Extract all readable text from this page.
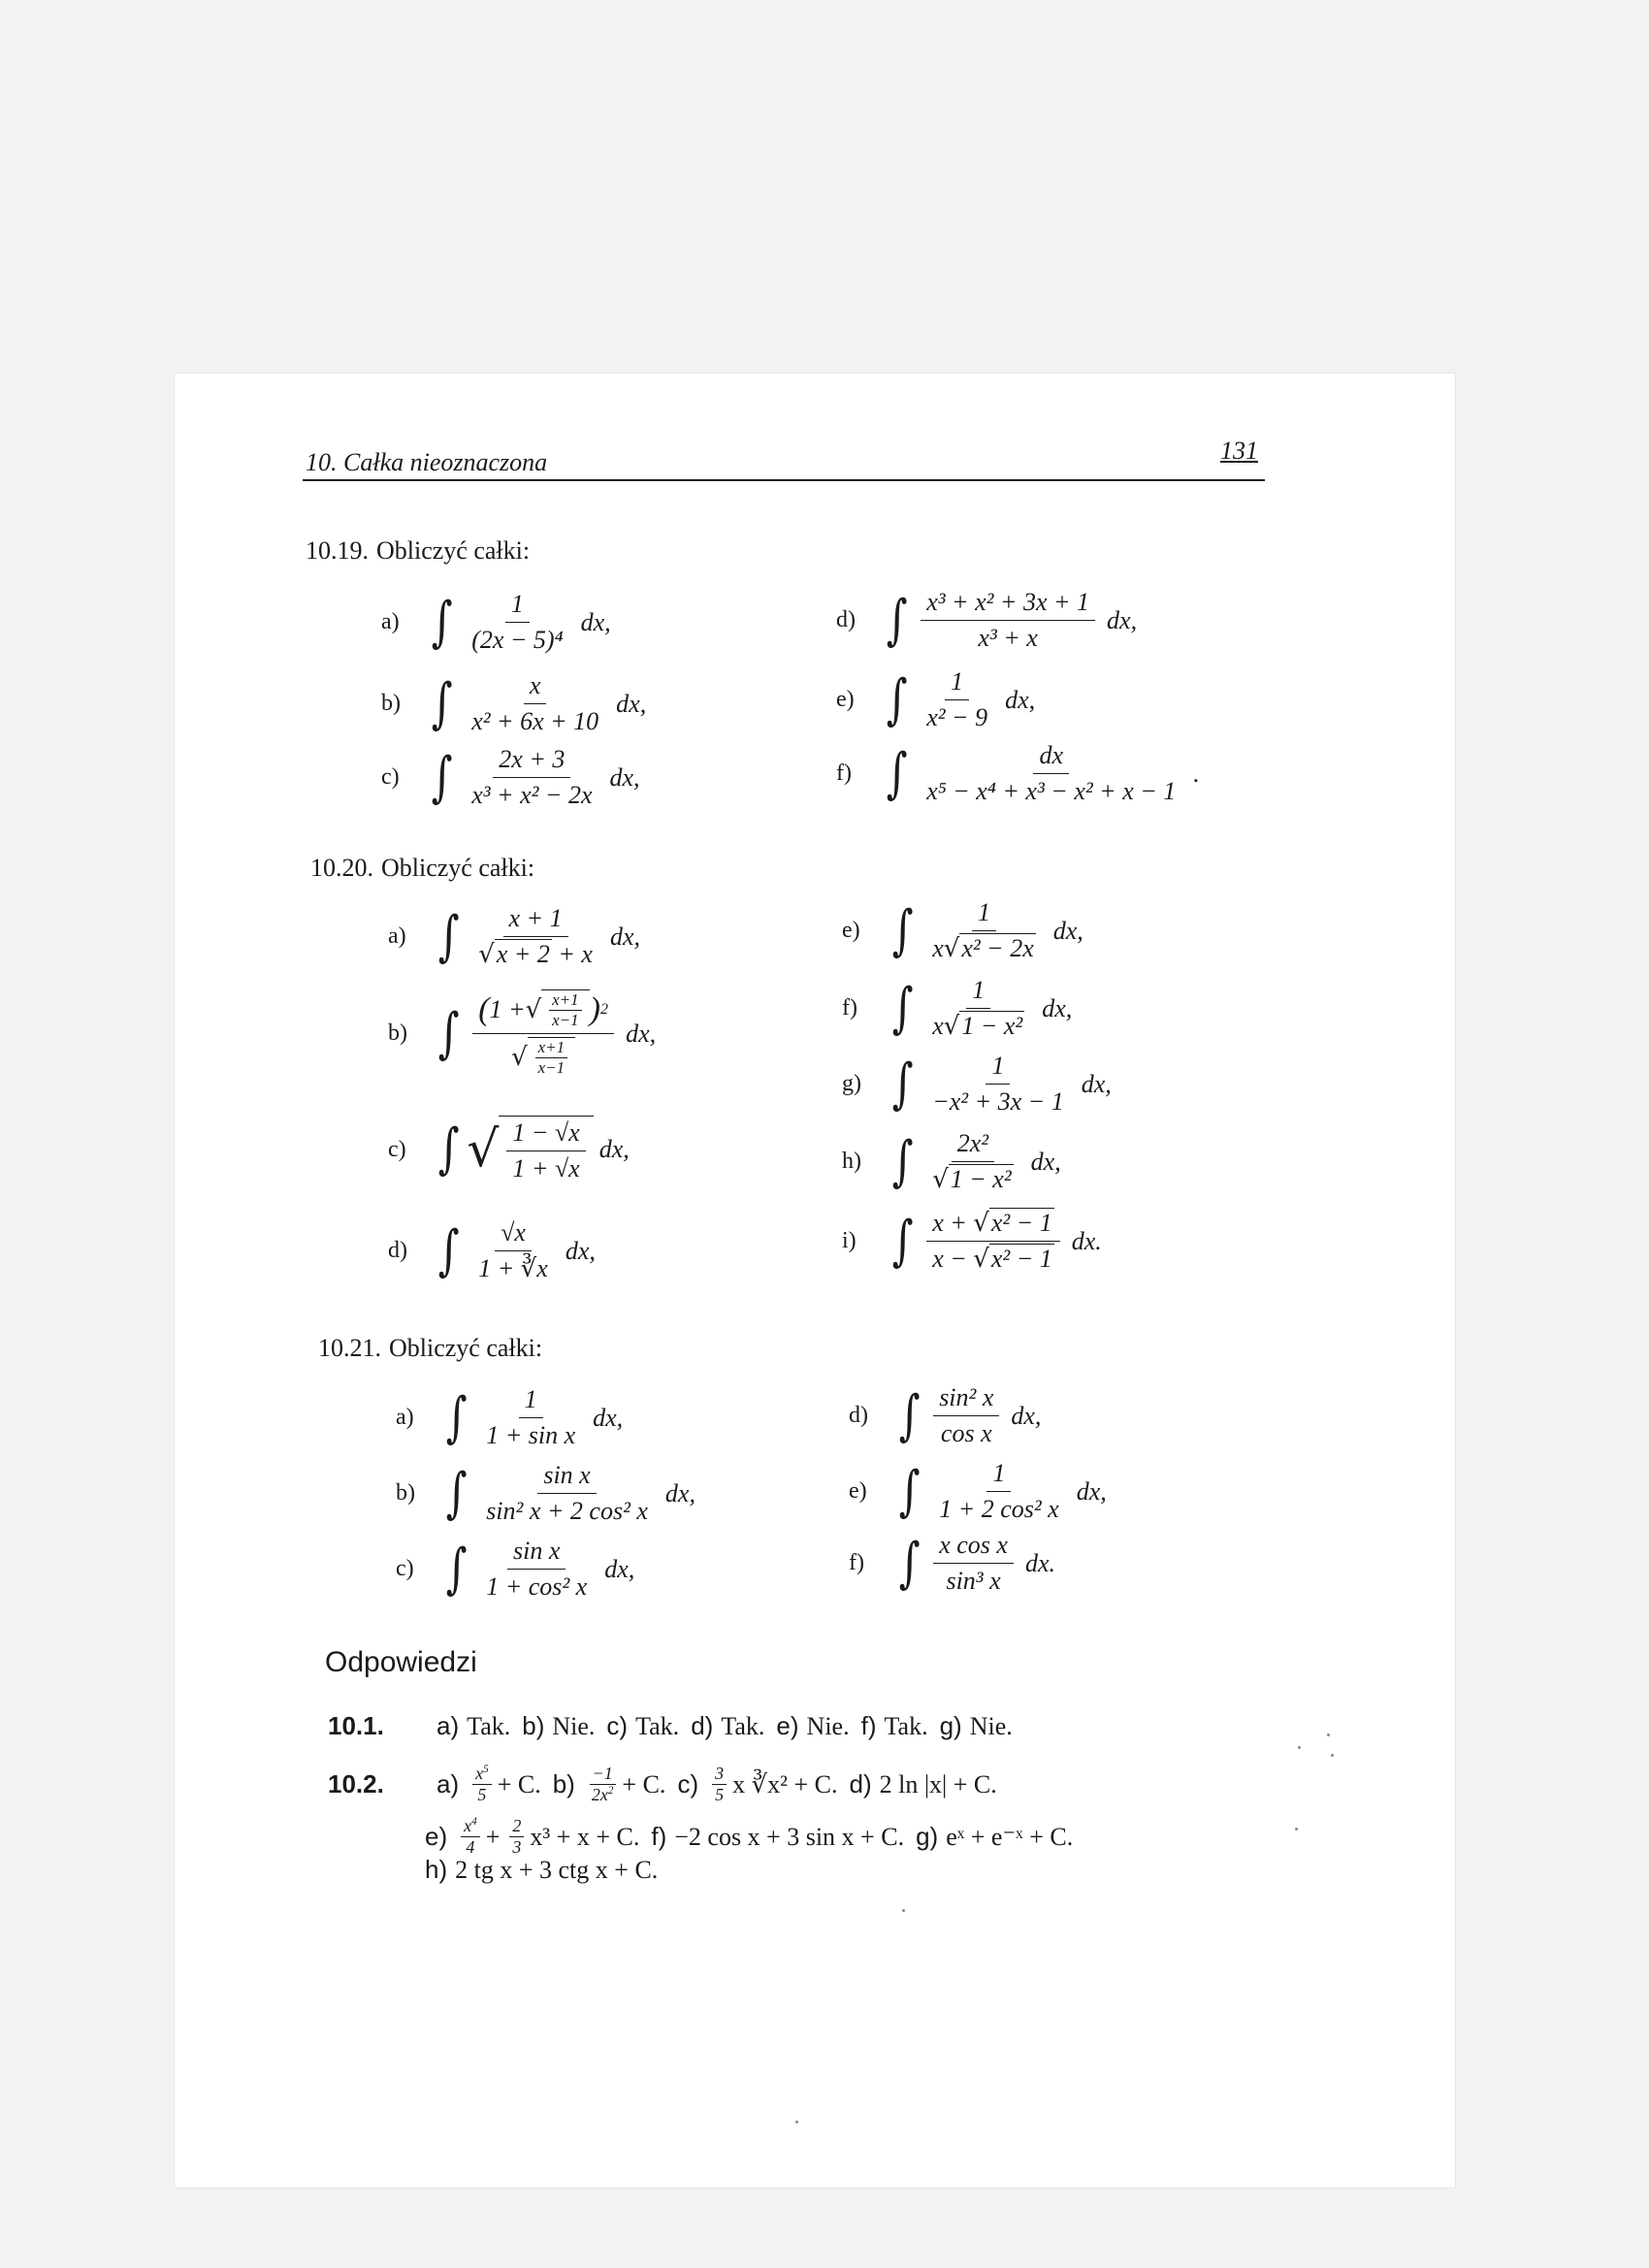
10. Całka nieoznaczona	131
10.19. Obliczyć całki:
a) ∫ $\frac{1}{\text{(2x − 5)⁴}}$ dx,
b) ∫ $\frac{x}{\text{x² + 6x + 10}}$ dx,
c) ∫ $\frac{2x + 3}{\text{x³ + x² − 2x}}$ dx,
d) ∫ $\frac{\text{x³ + x² + 3x + 1}}{\text{x³ + x}}$ dx,
e) ∫ $\frac{1}{\text{x² − 9}}$ dx,
f) ∫ $\frac{dx}{\text{x⁵ − x⁴ + x³ − x² + x − 1}}$ .
10.20. Obliczyć całki:
a) ∫ $\frac{x + 1}{√x + 2 + x}$ dx,
b) ∫ $\frac{( 1 + √ \frac{x+1}{x-1} ) 2}{√ \frac{x+1}{x-1}}$ dx,
c) ∫ √ $\frac{1 - √x}{1 + √x}$ dx,
d) ∫ $\frac{√x}{1 + ∛x}$ dx,
e) ∫ $\frac{1}{\text{x√x² − 2x}}$ dx,
f) ∫ $\frac{1}{\text{x√1 − x²}}$ dx,
g) ∫ $\frac{1}{\text{−x² + 3x − 1}}$ dx,
h) ∫ $\frac{\text{2x²}}{\text{√1 − x²}}$ dx,
i) ∫ $\frac{\text{x + √x² − 1}}{\text{x − √x² − 1}}$ dx.
10.21. Obliczyć całki:
a) ∫ $\frac{1}{\text{1 + sin x}}$ dx,
b) ∫ $\frac{\text{sin x}}{\text{sin² x + 2 cos² x}}$ dx,
c) ∫ $\frac{\text{sin x}}{\text{1 + cos² x}}$ dx,
d) ∫ $\frac{\text{sin² x}}{\text{cos x}}$ dx,
e) ∫ $\frac{1}{\text{1 + 2 cos² x}}$ dx,
f) ∫ $\frac{\text{x cos x}}{\text{sin³ x}}$ dx.
Odpowiedzi
10.1.	a) Tak. b) Nie. c) Tak. d) Tak. e) Nie. f) Tak. g) Nie.
10.2.	$a) \frac{x^5}{5} + C$. $b) \frac{-1}{2x^2} + C$. $c) \frac{3}{5}$ x ∛x² + C. d) 2 ln |x| + C.
$e) \frac{x^4}{4} + \frac{2}{3} x^3 + x + C$. f) −2 cos x + 3 sin x + C. g) eˣ + e⁻ˣ + C.
h) 2 tg x + 3 ctg x + C.
